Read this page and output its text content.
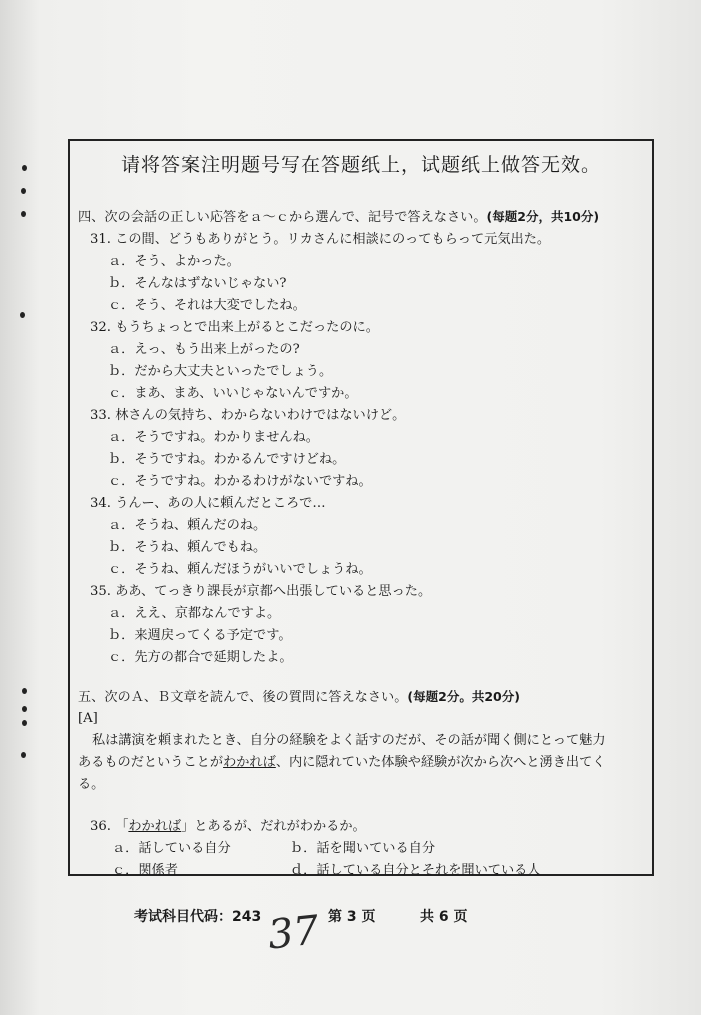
请将答案注明题号写在答题纸上，试题纸上做答无效。
四、次の会話の正しい応答をａ～ｃから選んで、記号で答えなさい。(每题2分，共10分)
31. この間、どうもありがとう。リカさんに相談にのってもらって元気出た。
ａ．そう、よかった。
ｂ．そんなはずないじゃない?
ｃ．そう、それは大変でしたね。
32. もうちょっとで出来上がるとこだったのに。
ａ．えっ、もう出来上がったの?
ｂ．だから大丈夫といったでしょう。
ｃ．まあ、まあ、いいじゃないんですか。
33. 林さんの気持ち、わからないわけではないけど。
ａ．そうですね。わかりませんね。
ｂ．そうですね。わかるんですけどね。
ｃ．そうですね。わかるわけがないですね。
34. うんー、あの人に頼んだところで…
ａ．そうね、頼んだのね。
ｂ．そうね、頼んでもね。
ｃ．そうね、頼んだほうがいいでしょうね。
35. ああ、てっきり課長が京都へ出張していると思った。
ａ．ええ、京都なんですよ。
ｂ．来週戻ってくる予定です。
ｃ．先方の都合で延期したよ。
五、次のＡ、Ｂ文章を読んで、後の質問に答えなさい。(每题2分。共20分)
[A]
私は講演を頼まれたとき、自分の経験をよく話すのだが、その話が聞く側にとって魅力
あるものだということがわかれば、内に隠れていた体験や経験が次から次へと湧き出てく
る。
36. 「わかれば」とあるが、だれがわかるか。
ａ．話している自分	ｂ．話を聞いている自分
ｃ．関係者	ｄ．話している自分とそれを聞いている人
考试科目代码：243	第 3 页	共 6 页
37
